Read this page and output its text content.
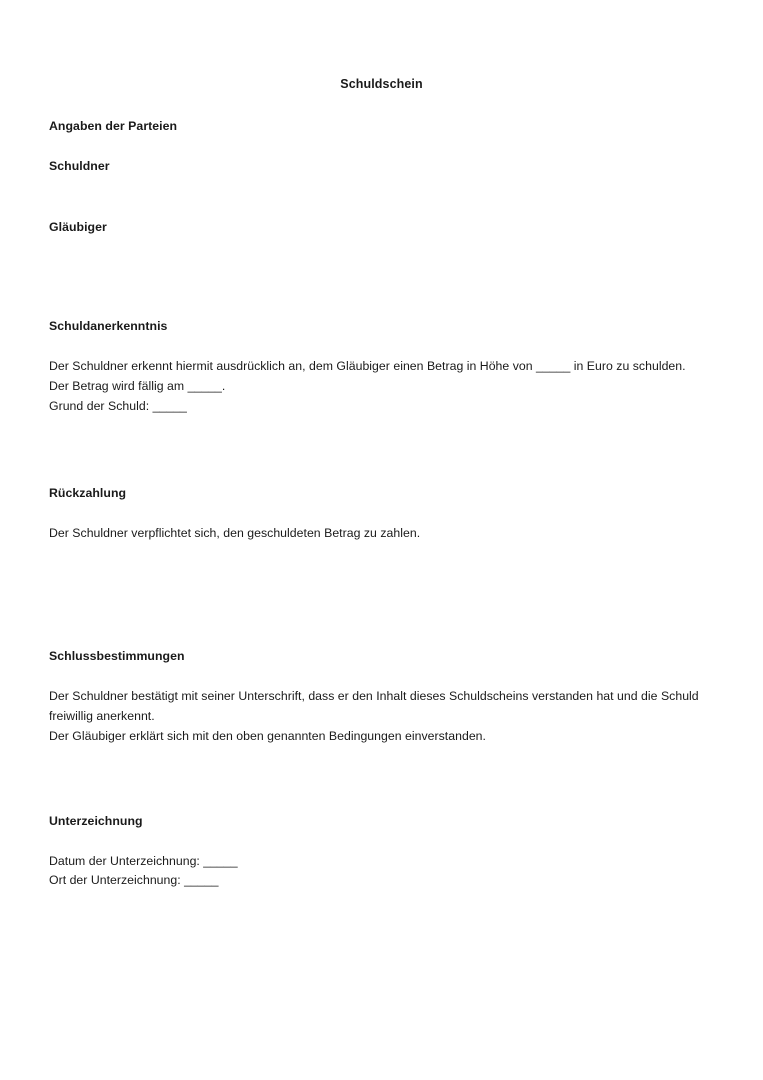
Schuldschein
Angaben der Parteien
Schuldner
Gläubiger
Schuldanerkenntnis

Der Schuldner erkennt hiermit ausdrücklich an, dem Gläubiger einen Betrag in Höhe von _____ in Euro zu schulden.

Der Betrag wird fällig am _____.

Grund der Schuld: _____

Rückzahlung

Der Schuldner verpflichtet sich, den geschuldeten Betrag zu zahlen.

Schlussbestimmungen

Der Schuldner bestätigt mit seiner Unterschrift, dass er den Inhalt dieses Schuldscheins verstanden hat und die Schuld freiwillig anerkennt.

Der Gläubiger erklärt sich mit den oben genannten Bedingungen einverstanden.

Unterzeichnung

Datum der Unterzeichnung: _____

Ort der Unterzeichnung: _____
